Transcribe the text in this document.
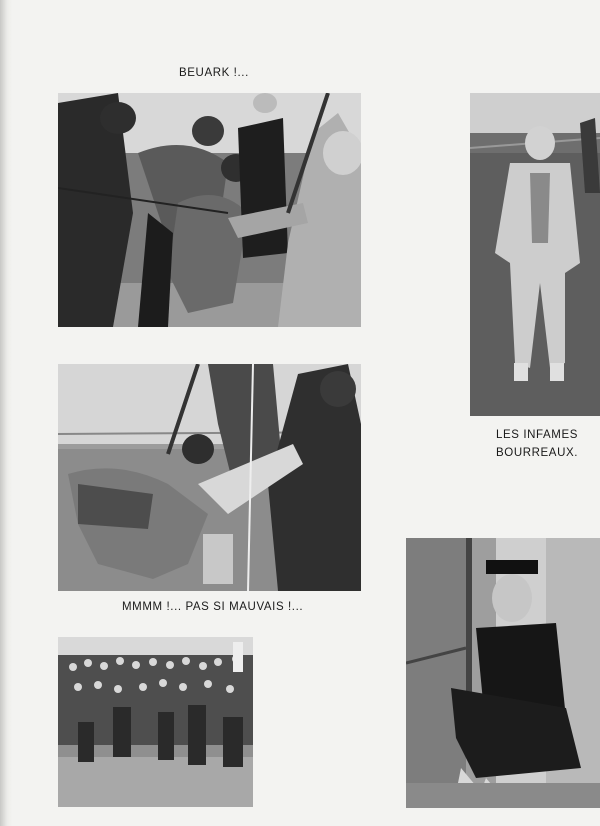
BEUARK !...
LES INFAMES
BOURREAUX.
MMMM !... PAS SI MAUVAIS !...
